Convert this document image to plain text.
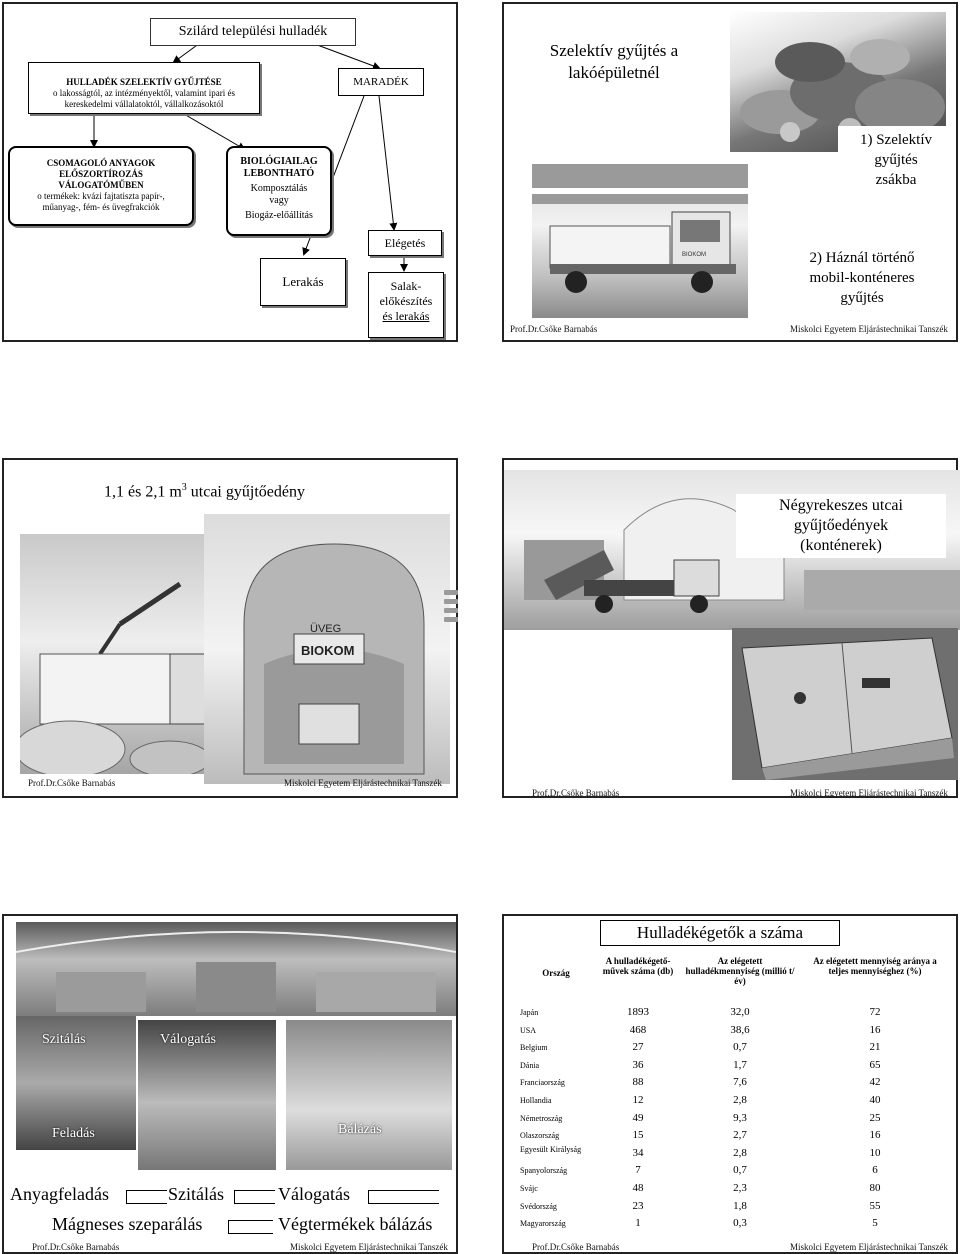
Szilárd települési hulladék
HULLADÉK SZELEKTÍV GYŰJTÉSE
o lakosságtól, az intézményektől, valamint ipari és
kereskedelmi vállalatoktól, vállalkozásoktól
MARADÉK
CSOMAGOLÓ ANYAGOK
ELŐSZORTÍROZÁS
VÁLOGATÓMŰBEN
o termékek: kvázi fajtatiszta papír-,
műanyag-, fém- és üvegfrakciók
BIOLÓGIAILAG
LEBONTHATÓ
Komposztálás
vagy
Biogáz-előállítás
Elégetés
Lerakás	Salak-
előkészítés
és lerakás
Szelektív gyűjtés a
lakóépületnél
1) Szelektív
gyűjtés
zsákba
BIOKOM	2) Háznál történő
mobil-konténeres
gyűjtés
Prof.Dr.Csőke Barnabás	Miskolci Egyetem Eljárástechnikai Tanszék
1,1 és 2,1 $m^3$ utcai gyűjtőedény
ÜVEG
BIOKOM
Prof.Dr.Csőke Barnabás	Miskolci Egyetem Eljárástechnikai Tanszék
Négyrekeszes utcai
gyűjtőedények
(konténerek)
Prof.Dr.Csőke Barnabás	Miskolci Egyetem Eljárástechnikai Tanszék
Szitálás	Válogatás
Feladás	Bálázás
Anyagfeladás	Szitálás	Válogatás
Mágneses szeparálás	Végtermékek bálázás
Prof.Dr.Csőke Barnabás	Miskolci Egyetem Eljárástechnikai Tanszék
Hulladékégetők a száma
Ország
A hulladékégető-művek száma (db)
Az elégetett hulladékmennyiség (millió t/év)
Az elégetett mennyiség aránya a teljes mennyiséghez (%)
Japán	1893	32,0	72
USA	468	38,6	16
Belgium	27	0,7	21
Dánia	36	1,7	65
Franciaország	88	7,6	42
Hollandia	12	2,8	40
Németroszág	49	9,3	25
Olaszország	15	2,7	16
Egyesült Királyság	34	2,8	10
Spanyolország	7	0,7	6
Svájc	48	2,3	80
Svédország	23	1,8	55
Magyarország	1	0,3	5
Prof.Dr.Csőke Barnabás	Miskolci Egyetem Eljárástechnikai Tanszék
